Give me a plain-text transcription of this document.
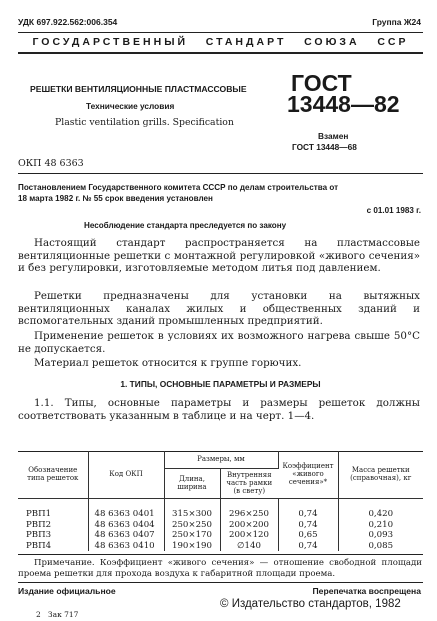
УДК 697.922.562:006.354	Группа Ж24
ГОСУДАРСТВЕННЫЙ   СТАНДАРТ   СОЮЗА   ССР
РЕШЕТКИ ВЕНТИЛЯЦИОННЫЕ ПЛАСТМАССОВЫЕ
Технические условия
Plastic ventilation grills. Specification
ГОСТ
13448—82
Взамен
ГОСТ 13448—68
ОКП 48 6363
Постановлением Государственного комитета СССР по делам строительства от
18 марта 1982 г. № 55 срок введения установлен
с 01.01 1983 г.
Несоблюдение стандарта преследуется по закону
Настоящий стандарт распространяется на пластмассовые вентиляционные решетки с монтажной регулировкой «живого сечения» и без регулировки, изготовляемые методом литья под давлением.
Решетки предназначены для установки на вытяжных вентиляционных каналах жилых и общественных зданий и вспомогательных зданий промышленных предприятий.
Применение решеток в условиях их возможного нагрева свыше 50°С не допускается.
Материал решеток относится к группе горючих.
1. ТИПЫ, ОСНОВНЫЕ ПАРАМЕТРЫ И РАЗМЕРЫ
1.1. Типы, основные параметры и размеры решеток должны соответствовать указанным в таблице и на черт. 1—4.
Обозначение типа решеток	Код ОКП	Размеры, мм		Коэффициент «живого сечения»*	Масса решетки (справочная), кг
		Длина, ширина	Внутренняя часть рамки (в свету)		

РВП1	48 6363 0401	315×300	296×250	0,74	0,420
РВП2	48 6363 0404	250×250	200×200	0,74	0,210
РВП3	48 6363 0407	250×170	200×120	0,65	0,093
РВП4	48 6363 0410	190×190	∅140	0,74	0,085
Примечание. Коэффициент «живого сечения» — отношение свободной площади проема решетки для прохода воздуха к габаритной площади проема.
Издание официальное	Перепечатка воспрещена
© Издательство стандартов, 1982
2   Зак 717
